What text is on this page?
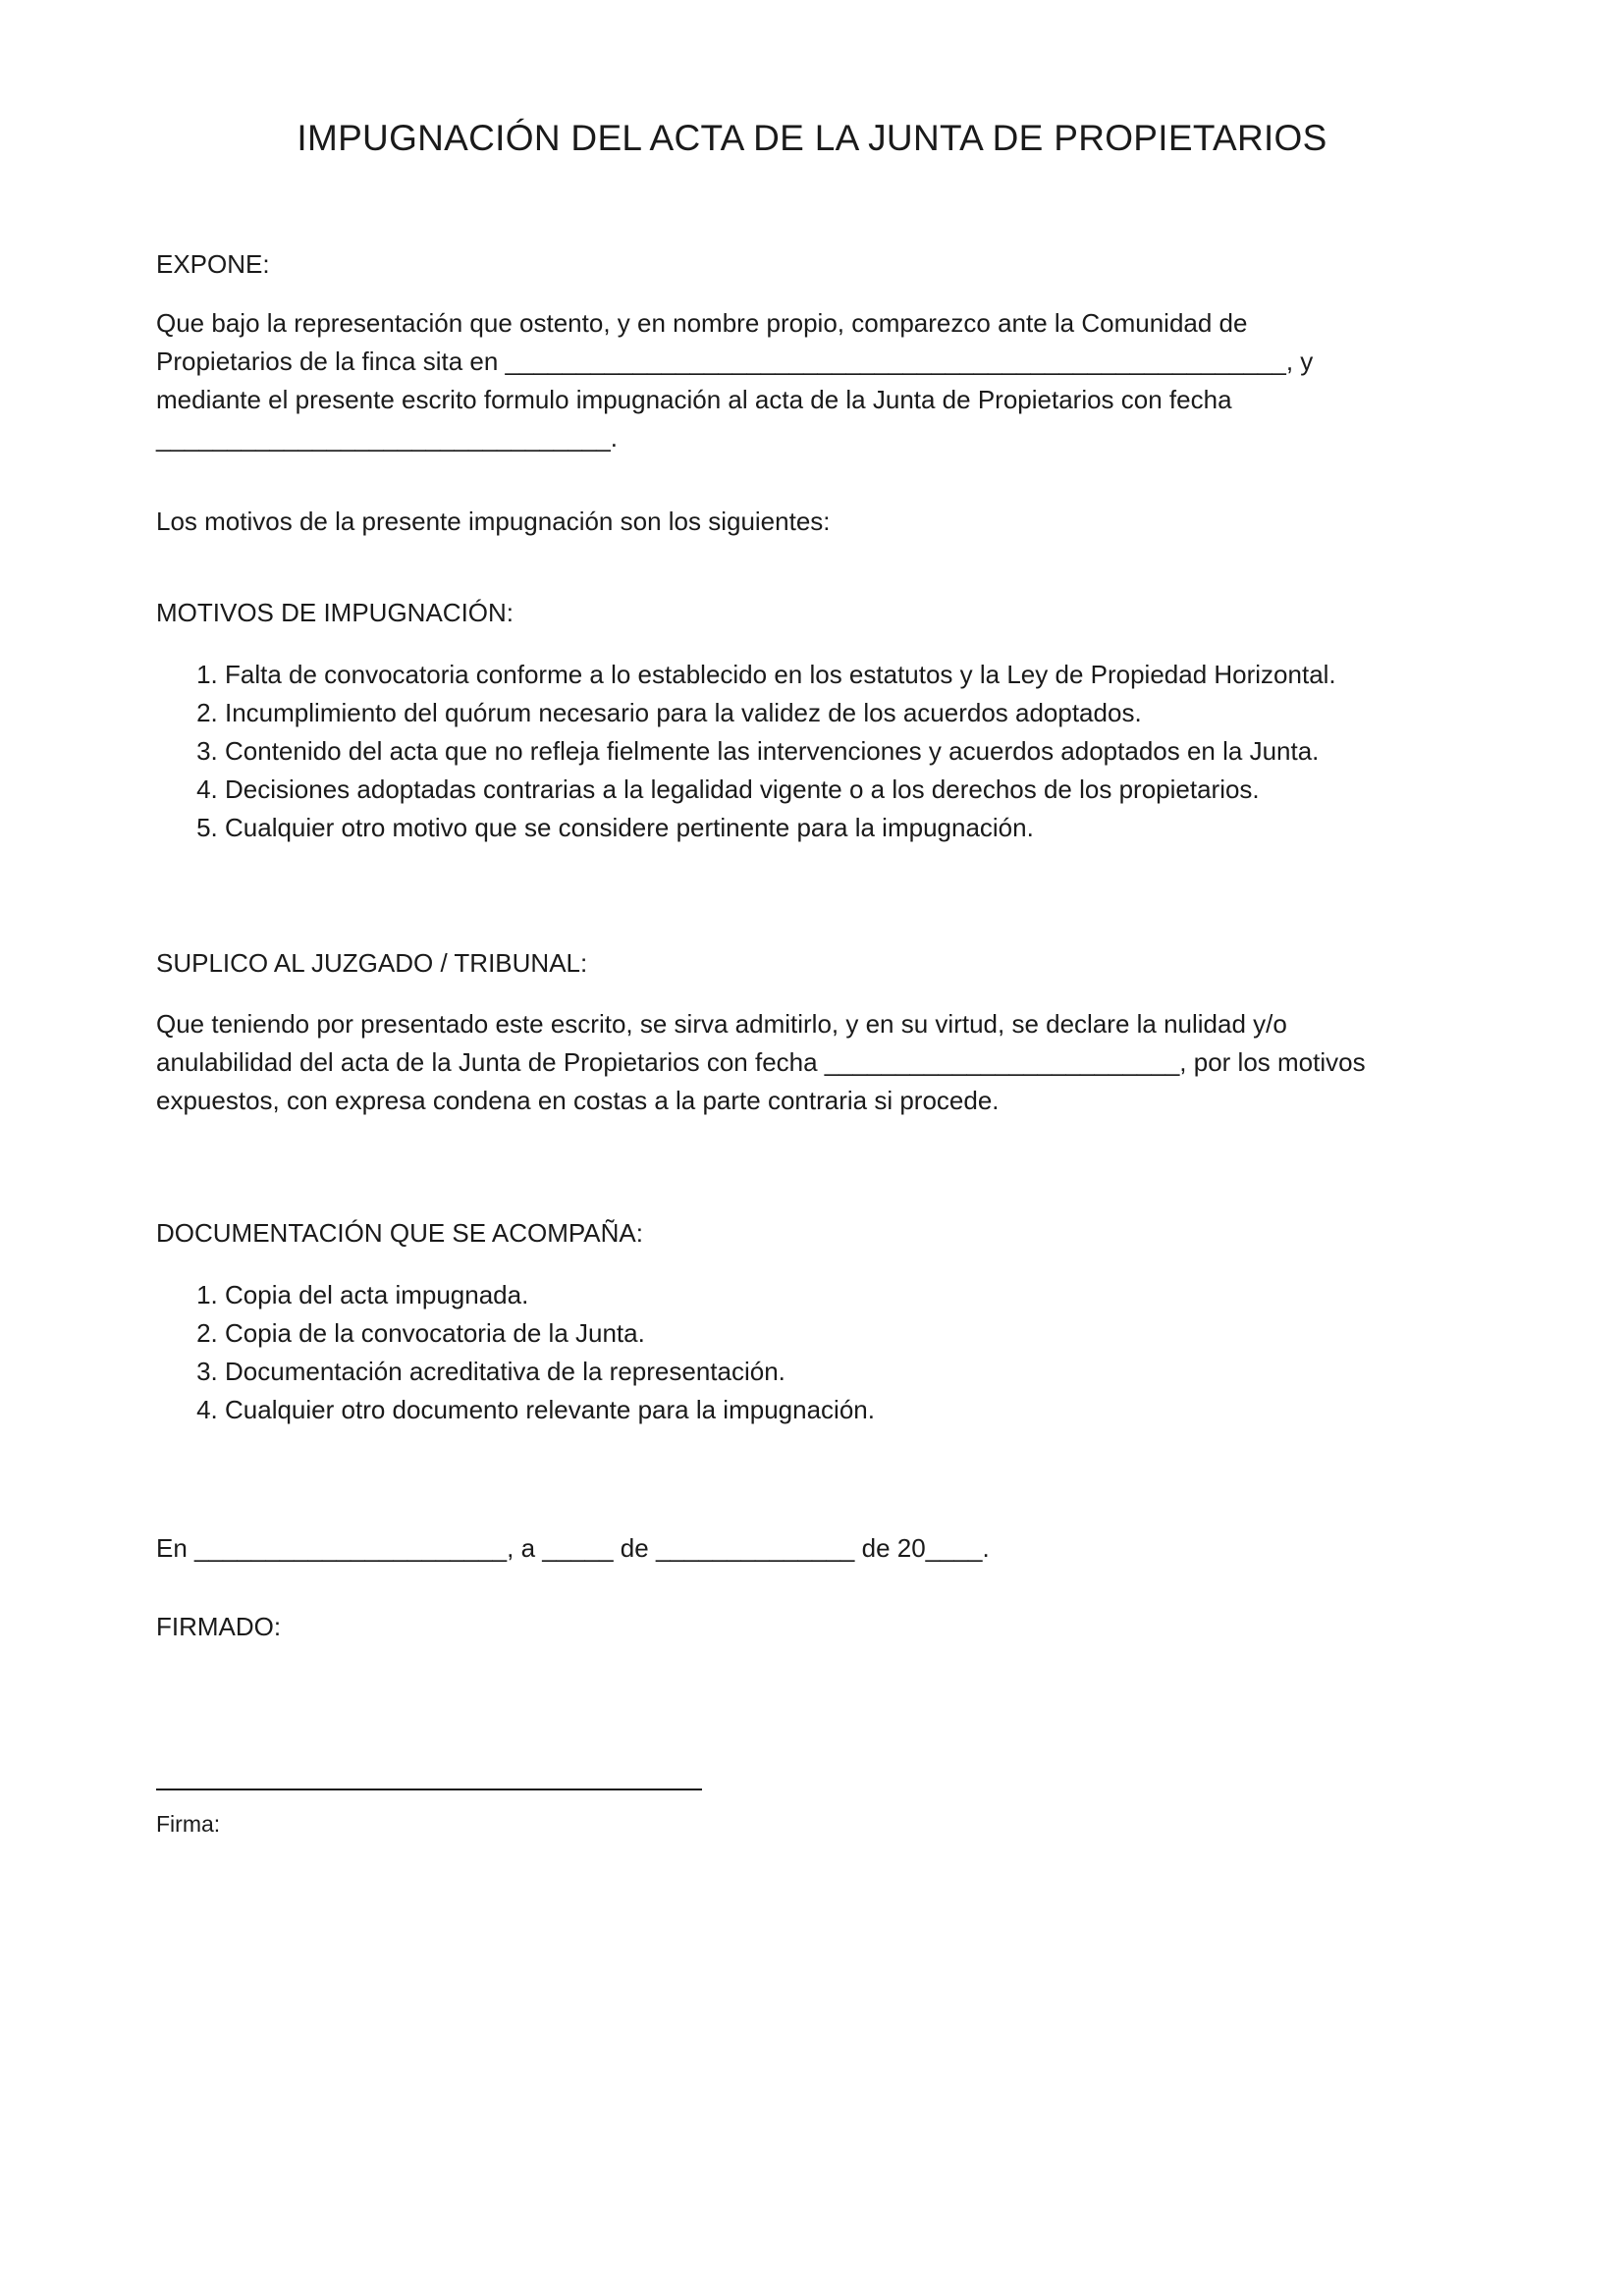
IMPUGNACIÓN DEL ACTA DE LA JUNTA DE PROPIETARIOS
EXPONE:

Que bajo la representación que ostento, y en nombre propio, comparezco ante la Comunidad de

Propietarios de la finca sita en _______________________________________________________, y

mediante el presente escrito formulo impugnación al acta de la Junta de Propietarios con fecha

________________________________.

Los motivos de la presente impugnación son los siguientes:

MOTIVOS DE IMPUGNACIÓN:
1. Falta de convocatoria conforme a lo establecido en los estatutos y la Ley de Propiedad Horizontal.
2. Incumplimiento del quórum necesario para la validez de los acuerdos adoptados.
3. Contenido del acta que no refleja fielmente las intervenciones y acuerdos adoptados en la Junta.
4. Decisiones adoptadas contrarias a la legalidad vigente o a los derechos de los propietarios.
5. Cualquier otro motivo que se considere pertinente para la impugnación.
SUPLICO AL JUZGADO / TRIBUNAL:

Que teniendo por presentado este escrito, se sirva admitirlo, y en su virtud, se declare la nulidad y/o

anulabilidad del acta de la Junta de Propietarios con fecha _________________________, por los motivos

expuestos, con expresa condena en costas a la parte contraria si procede.

DOCUMENTACIÓN QUE SE ACOMPAÑA:
1. Copia del acta impugnada.
2. Copia de la convocatoria de la Junta.
3. Documentación acreditativa de la representación.
4. Cualquier otro documento relevante para la impugnación.

En ______________________, a _____ de ______________ de 20____.

FIRMADO:

Firma:
